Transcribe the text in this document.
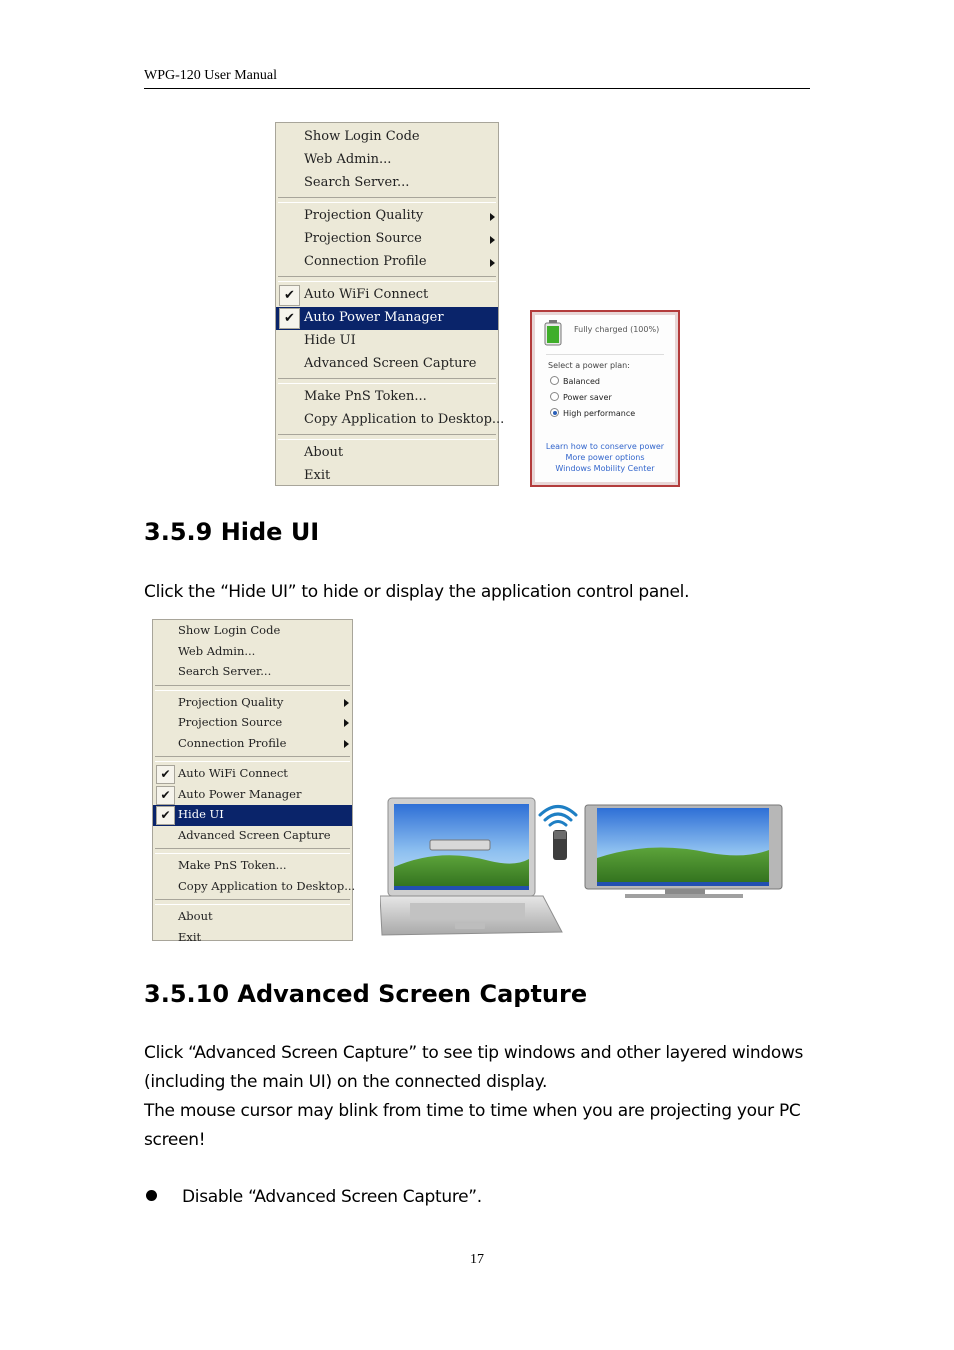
WPG-120 User Manual
Show Login Code
Web Admin...
Search Server...
Projection Quality
Projection Source
Connection Profile
✔ Auto WiFi Connect
✔ Auto Power Manager
Hide UI
Advanced Screen Capture
Make PnS Token...
Copy Application to Desktop...
About
Exit
Fully charged (100%)
Select a power plan:
Balanced
Power saver
High performance
Learn how to conserve power
More power options
Windows Mobility Center
3.5.9 Hide UI
Click the “Hide UI” to hide or display the application control panel.
Show Login Code
Web Admin...
Search Server...
Projection Quality
Projection Source
Connection Profile
✔ Auto WiFi Connect
✔ Auto Power Manager
✔ Hide UI
Advanced Screen Capture
Make PnS Token...
Copy Application to Desktop...
About
Exit
3.5.10 Advanced Screen Capture
Click “Advanced Screen Capture” to see tip windows and other layered windows
(including the main UI) on the connected display.
The mouse cursor may blink from time to time when you are projecting your PC
screen!
Disable “Advanced Screen Capture”.
17
